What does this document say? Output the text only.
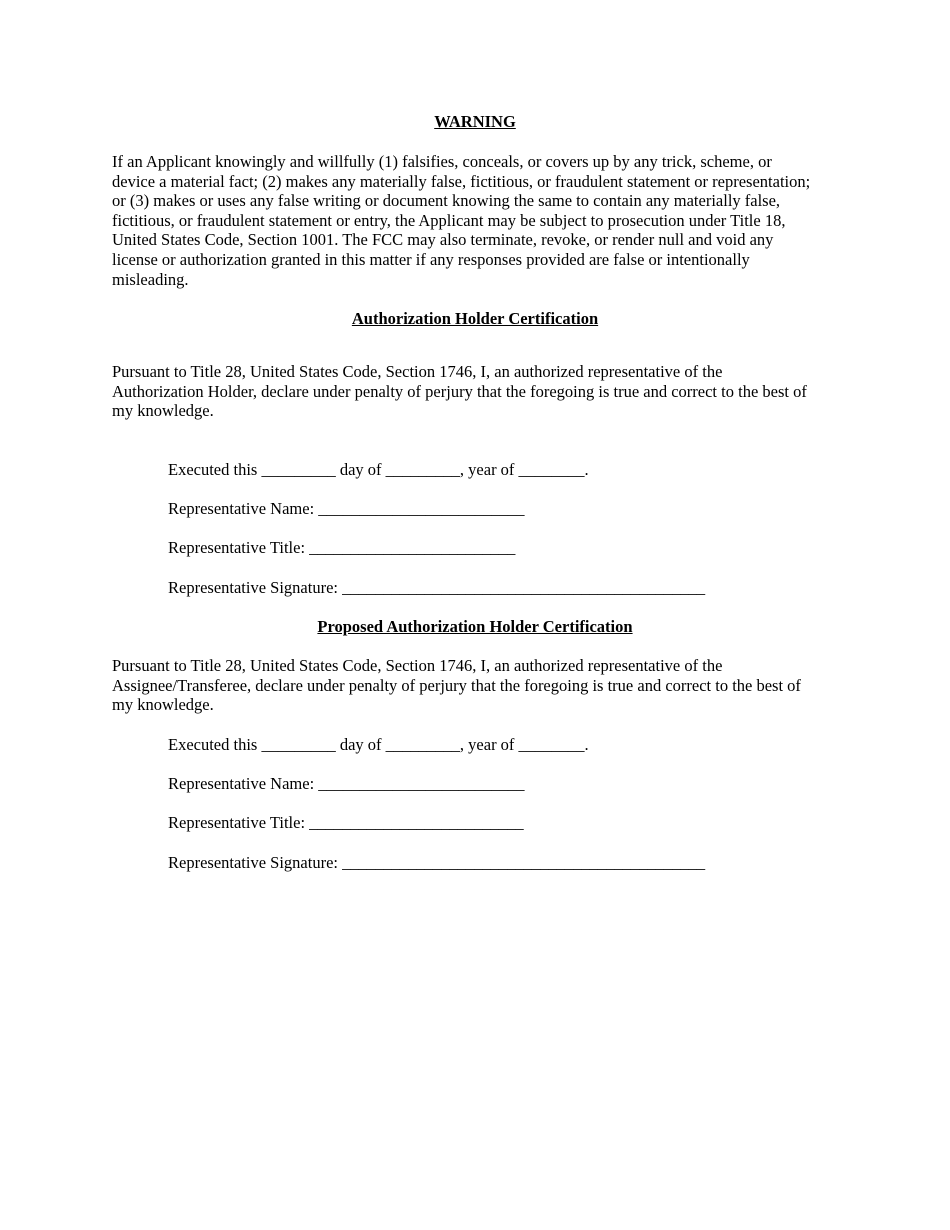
WARNING
If an Applicant knowingly and willfully (1) falsifies, conceals, or covers up by any trick, scheme, or
device a material fact; (2) makes any materially false, fictitious, or fraudulent statement or representation;
or (3) makes or uses any false writing or document knowing the same to contain any materially false,
fictitious, or fraudulent statement or entry, the Applicant may be subject to prosecution under Title 18,
United States Code, Section 1001. The FCC may also terminate, revoke, or render null and void any
license or authorization granted in this matter if any responses provided are false or intentionally
misleading.
Authorization Holder Certification
Pursuant to Title 28, United States Code, Section 1746, I, an authorized representative of the
Authorization Holder, declare under penalty of perjury that the foregoing is true and correct to the best of
my knowledge.
Executed this _________ day of _________, year of ________.
Representative Name: _________________________
Representative Title: _________________________
Representative Signature: ____________________________________________
Proposed Authorization Holder Certification
Pursuant to Title 28, United States Code, Section 1746, I, an authorized representative of the
Assignee/Transferee, declare under penalty of perjury that the foregoing is true and correct to the best of
my knowledge.
Executed this _________ day of _________, year of ________.
Representative Name: _________________________
Representative Title: __________________________
Representative Signature: ____________________________________________
